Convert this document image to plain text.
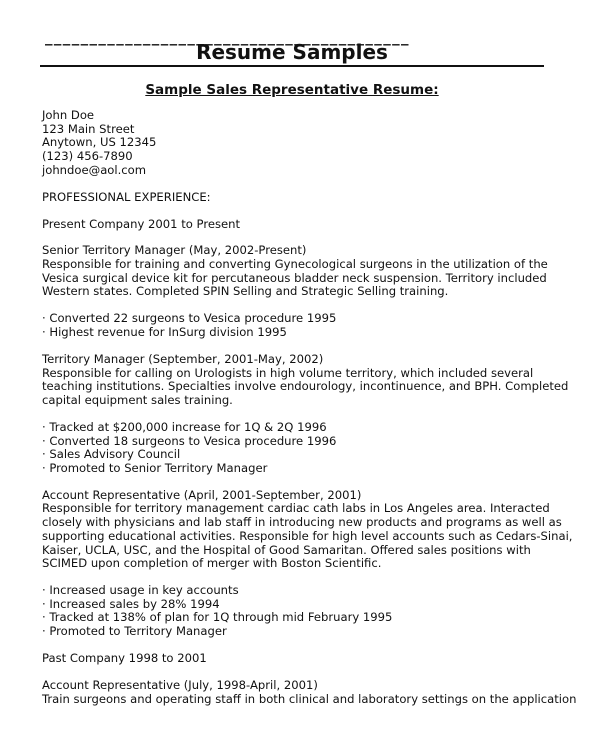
_________________________________________
Resume Samples
Sample Sales Representative Resume:
John Doe
123 Main Street
Anytown, US 12345
(123) 456-7890
johndoe@aol.com
PROFESSIONAL EXPERIENCE:
Present Company 2001 to Present
Senior Territory Manager (May, 2002-Present)
Responsible for training and converting Gynecological surgeons in the utilization of the
Vesica surgical device kit for percutaneous bladder neck suspension. Territory included
Western states. Completed SPIN Selling and Strategic Selling training.
· Converted 22 surgeons to Vesica procedure 1995
· Highest revenue for InSurg division 1995
Territory Manager (September, 2001-May, 2002)
Responsible for calling on Urologists in high volume territory, which included several
teaching institutions. Specialties involve endourology, incontinuence, and BPH. Completed
capital equipment sales training.
· Tracked at $200,000 increase for 1Q & 2Q 1996
· Converted 18 surgeons to Vesica procedure 1996
· Sales Advisory Council
· Promoted to Senior Territory Manager
Account Representative (April, 2001-September, 2001)
Responsible for territory management cardiac cath labs in Los Angeles area. Interacted
closely with physicians and lab staff in introducing new products and programs as well as
supporting educational activities. Responsible for high level accounts such as Cedars-Sinai,
Kaiser, UCLA, USC, and the Hospital of Good Samaritan. Offered sales positions with
SCIMED upon completion of merger with Boston Scientific.
· Increased usage in key accounts
· Increased sales by 28% 1994
· Tracked at 138% of plan for 1Q through mid February 1995
· Promoted to Territory Manager
Past Company 1998 to 2001
Account Representative (July, 1998-April, 2001)
Train surgeons and operating staff in both clinical and laboratory settings on the application
